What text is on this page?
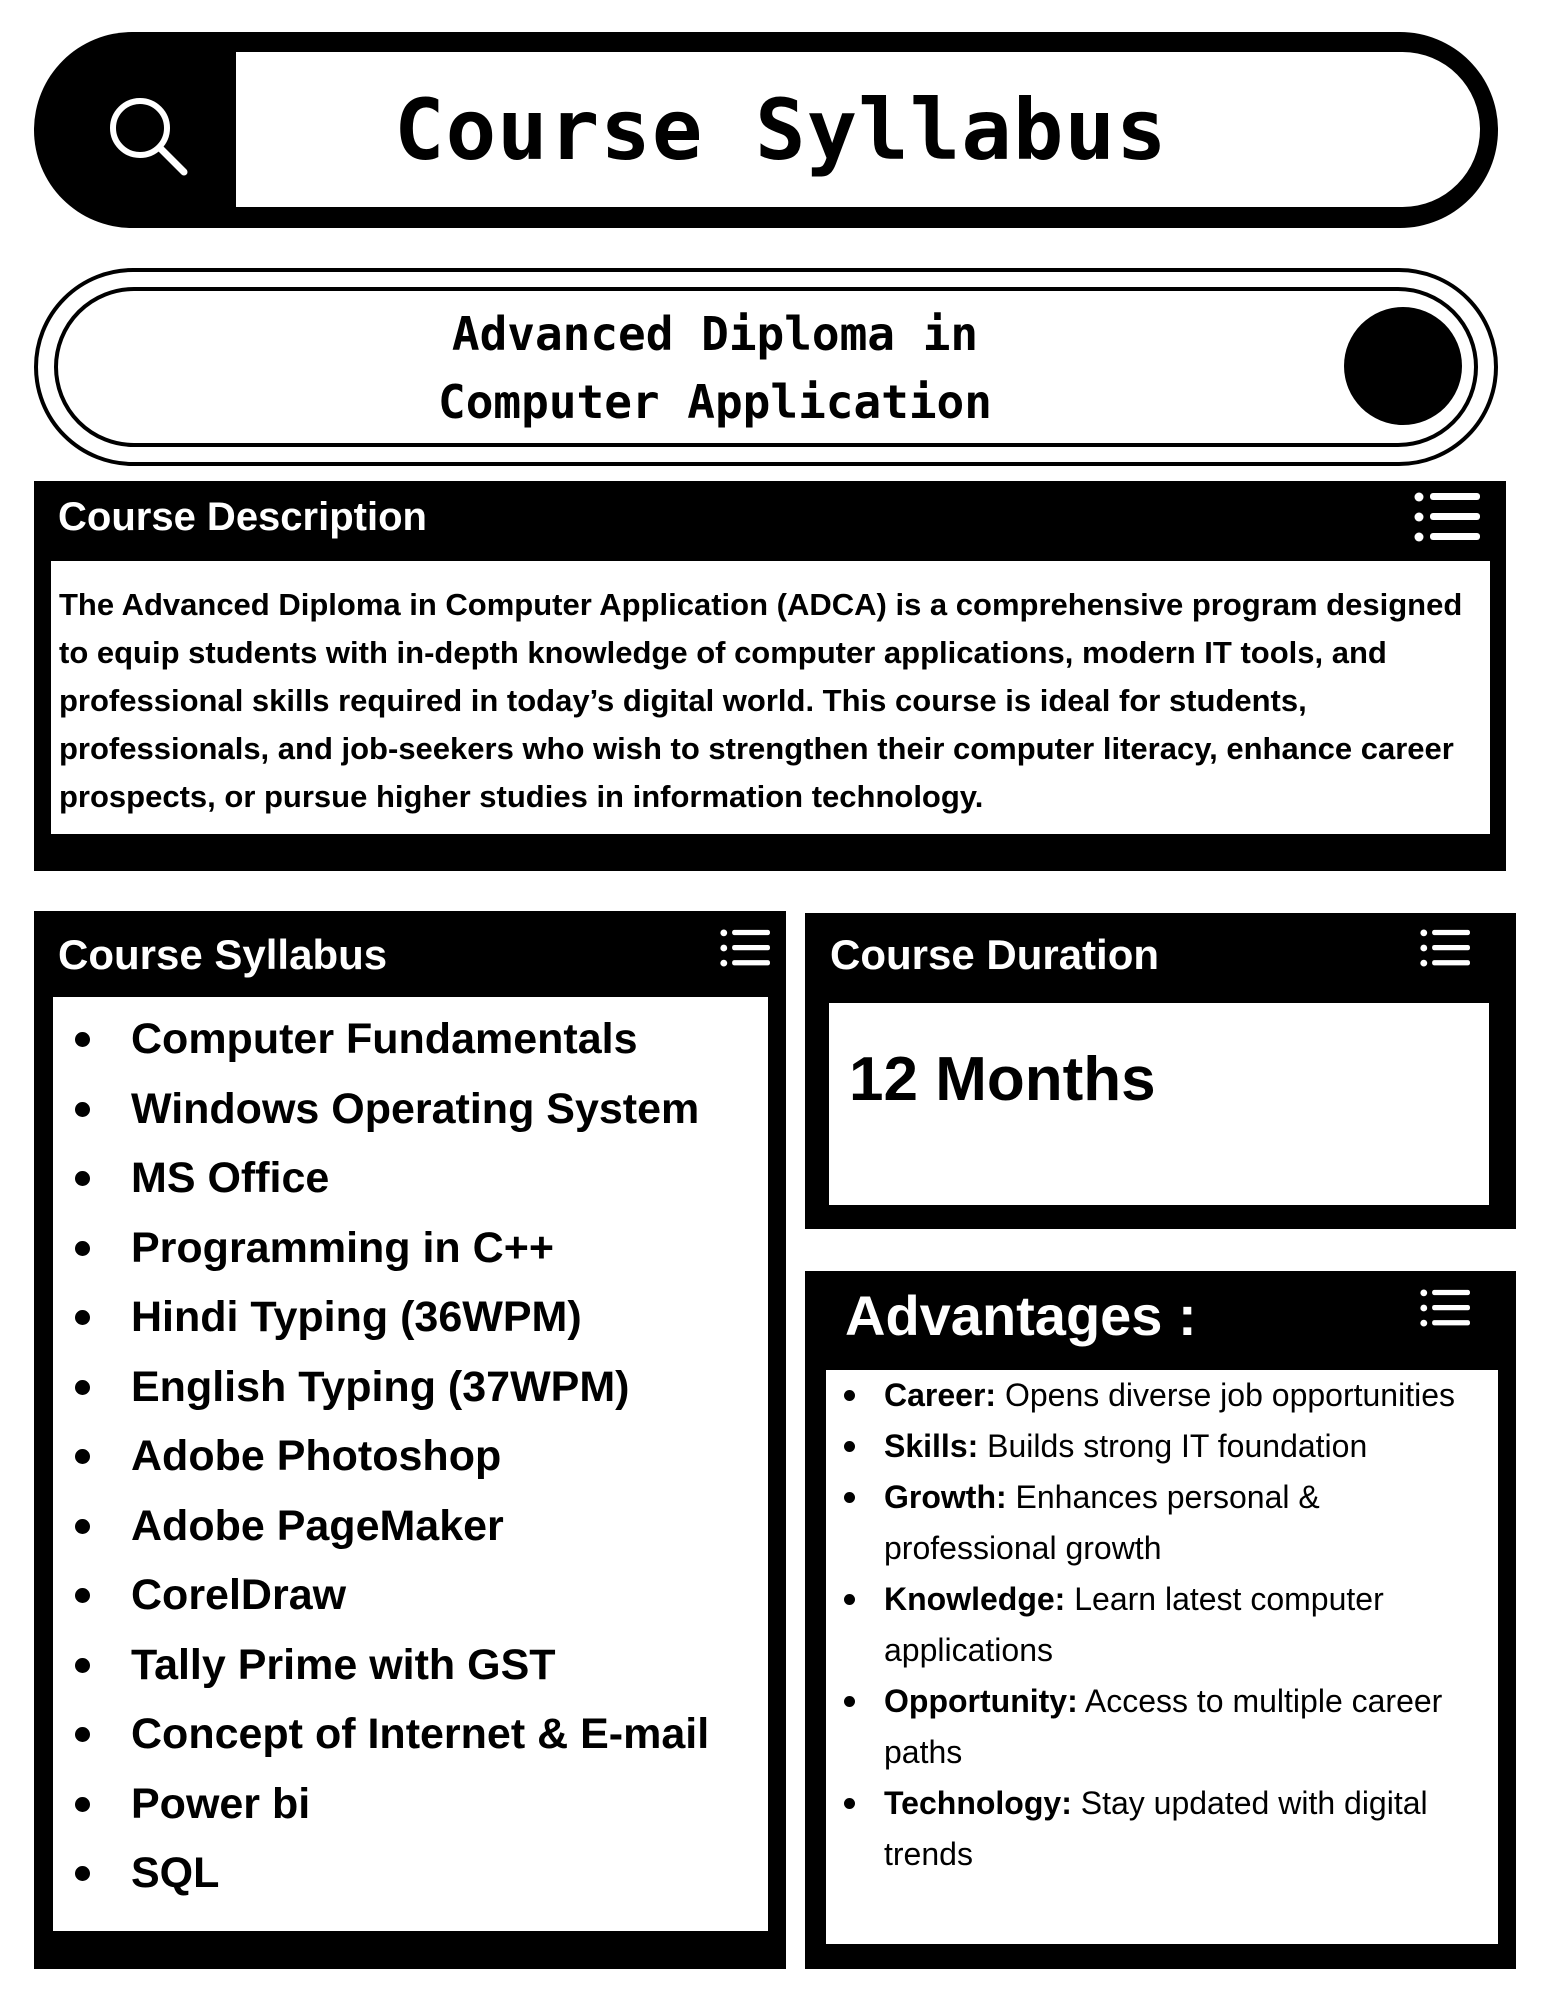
Course Syllabus
Advanced Diploma in
Computer Application
Course Description
The Advanced Diploma in Computer Application (ADCA) is a comprehensive program designed to equip students with in-depth knowledge of computer applications, modern IT tools, and professional skills required in today’s digital world. This course is ideal for students, professionals, and job-seekers who wish to strengthen their computer literacy, enhance career prospects, or pursue higher studies in information technology.
Course Syllabus
Computer Fundamentals
Windows Operating System
MS Office
Programming in C++
Hindi Typing (36WPM)
English Typing (37WPM)
Adobe Photoshop
Adobe PageMaker
CorelDraw
Tally Prime with GST
Concept of Internet & E-mail
Power bi
SQL
Course Duration
12 Months
Advantages :
Career: Opens diverse job opportunities
Skills: Builds strong IT foundation
Growth: Enhances personal & professional growth
Knowledge: Learn latest computer applications
Opportunity: Access to multiple career paths
Technology: Stay updated with digital trends
